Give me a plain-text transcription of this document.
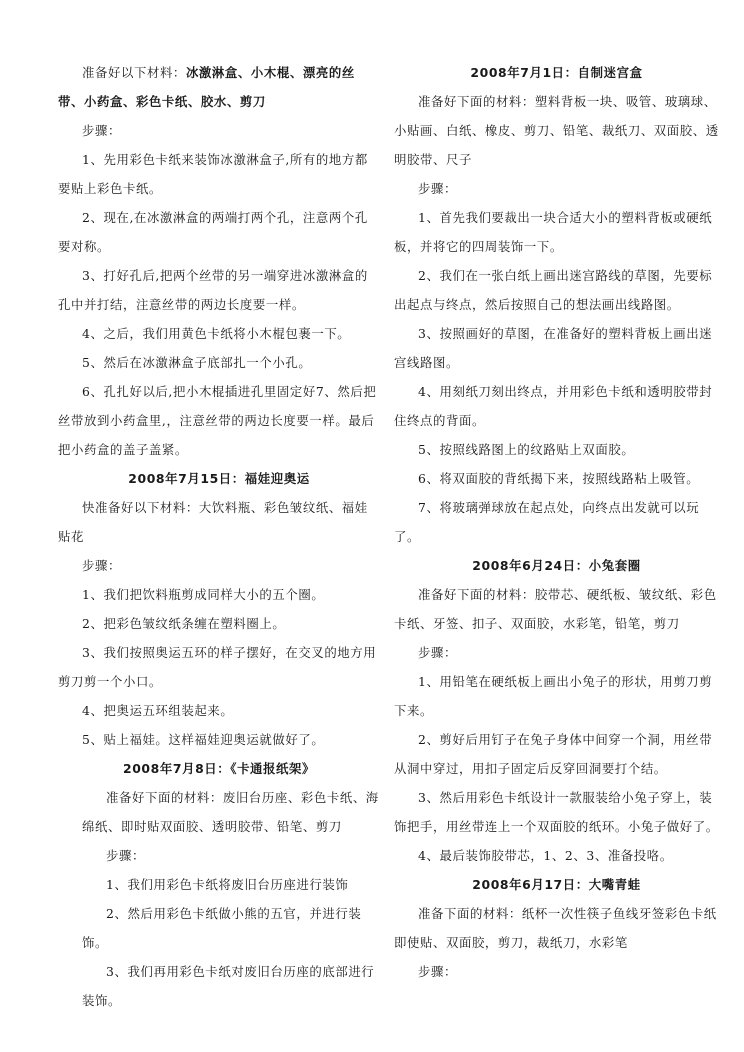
准备好以下材料：冰激淋盒、小木棍、漂亮的丝带、小药盒、彩色卡纸、胶水、剪刀

步骤：

1、先用彩色卡纸来装饰冰激淋盒子,所有的地方都要贴上彩色卡纸。

2、现在,在冰激淋盒的两端打两个孔，注意两个孔要对称。

3、打好孔后,把两个丝带的另一端穿进冰激淋盒的孔中并打结，注意丝带的两边长度要一样。

4、之后，我们用黄色卡纸将小木棍包裹一下。

5、然后在冰激淋盒子底部扎一个小孔。

6、孔扎好以后,把小木棍插进孔里固定好7、然后把丝带放到小药盒里,，注意丝带的两边长度要一样。最后把小药盒的盖子盖紧。

2008年7月15日：福娃迎奥运

快准备好以下材料：大饮料瓶、彩色皱纹纸、福娃贴花

步骤：

1、我们把饮料瓶剪成同样大小的五个圈。

2、把彩色皱纹纸条缠在塑料圈上。

3、我们按照奥运五环的样子摆好，在交叉的地方用剪刀剪一个小口。

4、把奥运五环组装起来。

5、贴上福娃。这样福娃迎奥运就做好了。

2008年7月8日：《卡通报纸架》

准备好下面的材料：废旧台历座、彩色卡纸、海绵纸、即时贴双面胶、透明胶带、铅笔、剪刀

步骤：

1、我们用彩色卡纸将废旧台历座进行装饰

2、然后用彩色卡纸做小熊的五官，并进行装饰。

3、我们再用彩色卡纸对废旧台历座的底部进行装饰。

2008年7月1日：自制迷宫盒

准备好下面的材料：塑料背板一块、吸管、玻璃球、小贴画、白纸、橡皮、剪刀、铅笔、裁纸刀、双面胶、透明胶带、尺子

步骤：

1、首先我们要裁出一块合适大小的塑料背板或硬纸板，并将它的四周装饰一下。

2、我们在一张白纸上画出迷宫路线的草图，先要标出起点与终点，然后按照自己的想法画出线路图。

3、按照画好的草图，在准备好的塑料背板上画出迷宫线路图。

4、用刻纸刀刻出终点，并用彩色卡纸和透明胶带封住终点的背面。

5、按照线路图上的纹路贴上双面胶。

6、将双面胶的背纸揭下来，按照线路粘上吸管。

7、将玻璃弹球放在起点处，向终点出发就可以玩了。

2008年6月24日：小兔套圈

准备好下面的材料：胶带芯、硬纸板、皱纹纸、彩色卡纸、牙签、扣子、双面胶，水彩笔，铅笔，剪刀

步骤：

1、用铅笔在硬纸板上画出小兔子的形状，用剪刀剪下来。

2、剪好后用钉子在兔子身体中间穿一个洞，用丝带从洞中穿过，用扣子固定后反穿回洞要打个结。

3、然后用彩色卡纸设计一款服装给小兔子穿上，装饰把手，用丝带连上一个双面胶的纸环。小兔子做好了。

4、最后装饰胶带芯，1、2、3、准备投咯。

2008年6月17日：大嘴青蛙

准备下面的材料：纸杯一次性筷子鱼线牙签彩色卡纸即使贴、双面胶，剪刀，裁纸刀，水彩笔

步骤：
